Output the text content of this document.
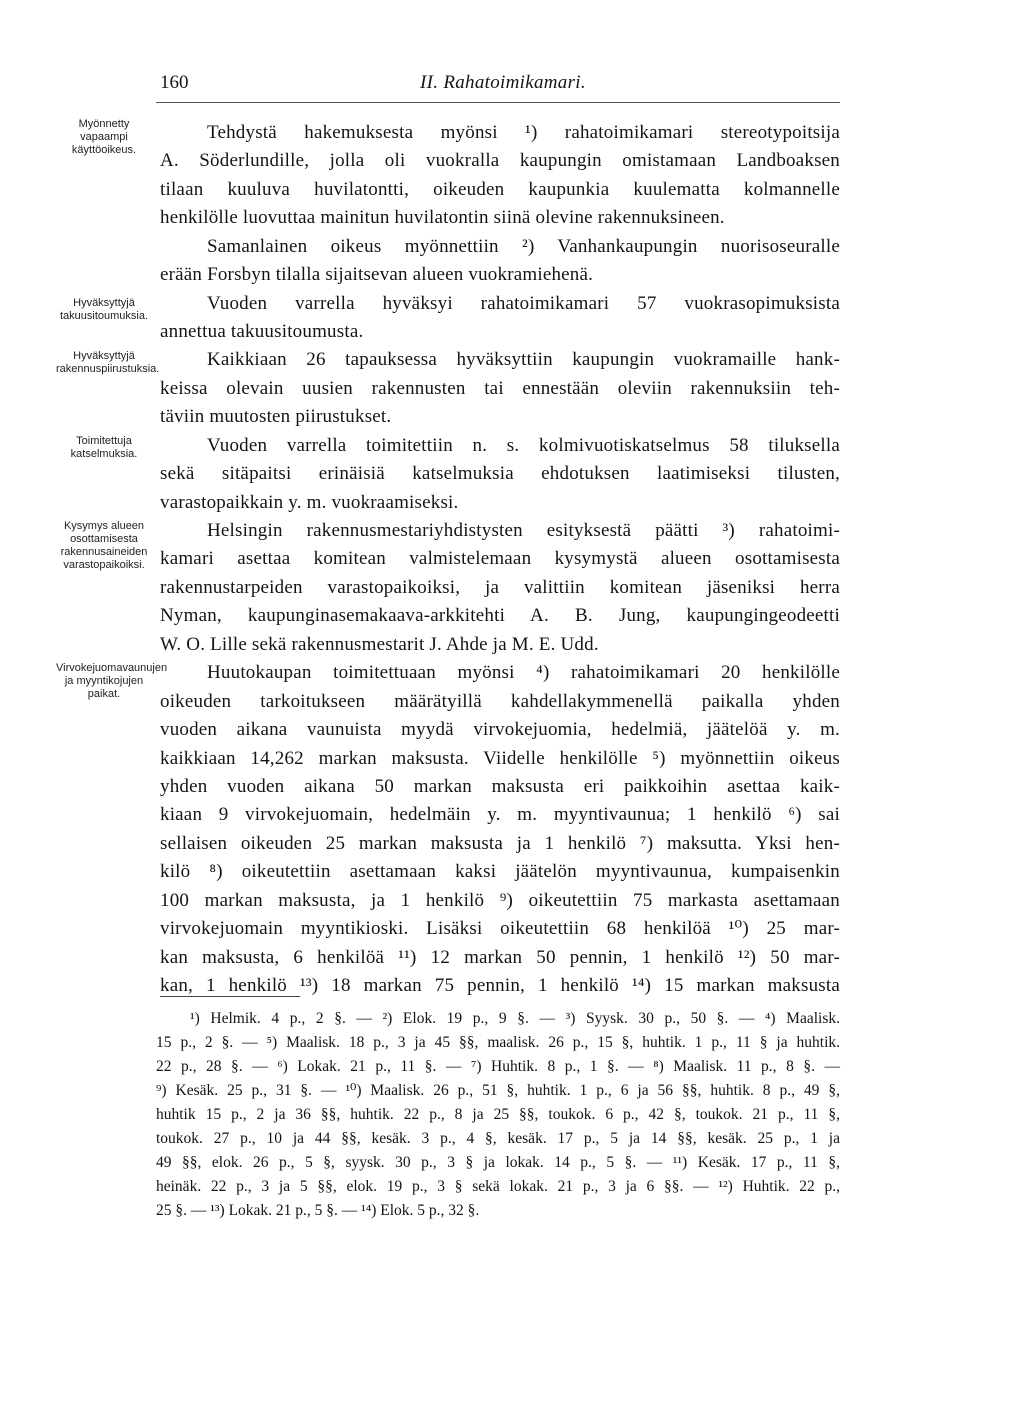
160	II. Rahatoimikamari.
Myönnetty vapaampi käyttöoikeus.
Hyväksyttyjä takuusitoumuksia.
Hyväksyttyjä rakennuspiirustuksia.
Toimitettuja katselmuksia.
Kysymys alueen osottamisesta rakennusaineiden varastopaikoiksi.
Virvokejuomavaunujen ja myyntikojujen paikat.
Tehdystä hakemuksesta myönsi ¹) rahatoimikamari stereotypoitsija
A. Söderlundille, jolla oli vuokralla kaupungin omistamaan Landboaksen
tilaan kuuluva huvilatontti, oikeuden kaupunkia kuulematta kolmannelle
henkilölle luovuttaa mainitun huvilatontin siinä olevine rakennuksineen.
Samanlainen oikeus myönnettiin ²) Vanhankaupungin nuorisoseuralle
erään Forsbyn tilalla sijaitsevan alueen vuokramiehenä.
Vuoden varrella hyväksyi rahatoimikamari 57 vuokrasopimuksista
annettua takuusitoumusta.
Kaikkiaan 26 tapauksessa hyväksyttiin kaupungin vuokramaille hank-
keissa olevain uusien rakennusten tai ennestään oleviin rakennuksiin teh-
täviin muutosten piirustukset.
Vuoden varrella toimitettiin n. s. kolmivuotiskatselmus 58 tiluksella
sekä sitäpaitsi erinäisiä katselmuksia ehdotuksen laatimiseksi tilusten,
varastopaikkain y. m. vuokraamiseksi.
Helsingin rakennusmestariyhdistysten esityksestä päätti ³) rahatoimi-
kamari asettaa komitean valmistelemaan kysymystä alueen osottamisesta
rakennustarpeiden varastopaikoiksi, ja valittiin komitean jäseniksi herra
Nyman, kaupunginasemakaava-arkkitehti A. B. Jung, kaupungingeodeetti
W. O. Lille sekä rakennusmestarit J. Ahde ja M. E. Udd.
Huutokaupan toimitettuaan myönsi ⁴) rahatoimikamari 20 henkilölle
oikeuden tarkoitukseen määrätyillä kahdellakymmenellä paikalla yhden
vuoden aikana vaunuista myydä virvokejuomia, hedelmiä, jäätelöä y. m.
kaikkiaan 14,262 markan maksusta. Viidelle henkilölle ⁵) myönnettiin oikeus
yhden vuoden aikana 50 markan maksusta eri paikkoihin asettaa kaik-
kiaan 9 virvokejuomain, hedelmäin y. m. myyntivaunua; 1 henkilö ⁶) sai
sellaisen oikeuden 25 markan maksusta ja 1 henkilö ⁷) maksutta. Yksi hen-
kilö ⁸) oikeutettiin asettamaan kaksi jäätelön myyntivaunua, kumpaisenkin
100 markan maksusta, ja 1 henkilö ⁹) oikeutettiin 75 markasta asettamaan
virvokejuomain myyntikioski. Lisäksi oikeutettiin 68 henkilöä ¹⁰) 25 mar-
kan maksusta, 6 henkilöä ¹¹) 12 markan 50 pennin, 1 henkilö ¹²) 50 mar-
kan, 1 henkilö ¹³) 18 markan 75 pennin, 1 henkilö ¹⁴) 15 markan maksusta
¹) Helmik. 4 p., 2 §. — ²) Elok. 19 p., 9 §. — ³) Syysk. 30 p., 50 §. — ⁴) Maalisk.
15 p., 2 §. — ⁵) Maalisk. 18 p., 3 ja 45 §§, maalisk. 26 p., 15 §, huhtik. 1 p., 11 § ja huhtik.
22 p., 28 §. — ⁶) Lokak. 21 p., 11 §. — ⁷) Huhtik. 8 p., 1 §. — ⁸) Maalisk. 11 p., 8 §. —
⁹) Kesäk. 25 p., 31 §. — ¹⁰) Maalisk. 26 p., 51 §, huhtik. 1 p., 6 ja 56 §§, huhtik. 8 p., 49 §,
huhtik 15 p., 2 ja 36 §§, huhtik. 22 p., 8 ja 25 §§, toukok. 6 p., 42 §, toukok. 21 p., 11 §,
toukok. 27 p., 10 ja 44 §§, kesäk. 3 p., 4 §, kesäk. 17 p., 5 ja 14 §§, kesäk. 25 p., 1 ja
49 §§, elok. 26 p., 5 §, syysk. 30 p., 3 § ja lokak. 14 p., 5 §. — ¹¹) Kesäk. 17 p., 11 §,
heinäk. 22 p., 3 ja 5 §§, elok. 19 p., 3 § sekä lokak. 21 p., 3 ja 6 §§. — ¹²) Huhtik. 22 p.,
25 §. — ¹³) Lokak. 21 p., 5 §. — ¹⁴) Elok. 5 p., 32 §.
